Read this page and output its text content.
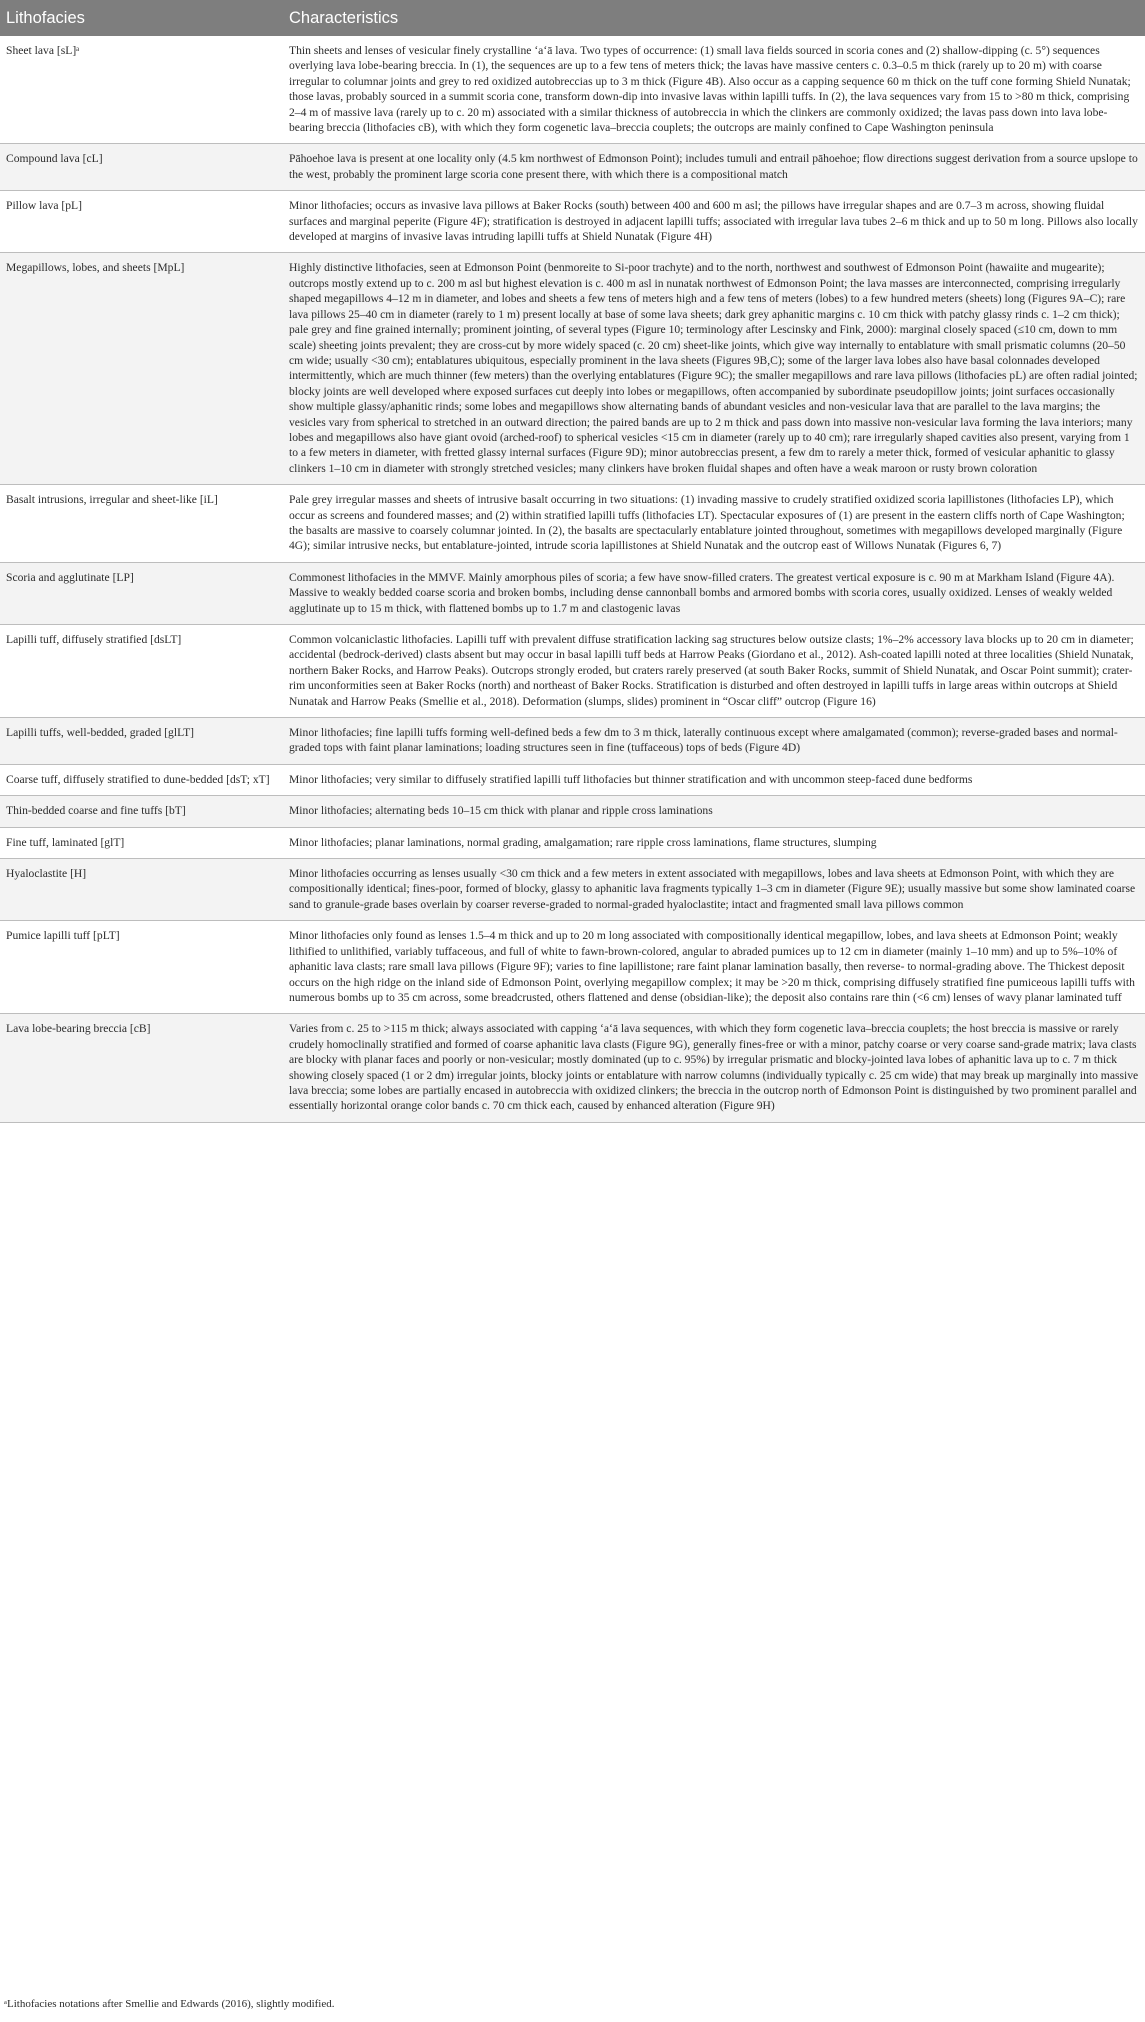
Lithofacies	Characteristics
Sheet lava [sL]ᵃ	Thin sheets and lenses of vesicular finely crystalline ʻaʻā lava. Two types of occurrence: (1) small lava fields sourced in scoria cones and (2) shallow-dipping (c. 5°) sequences overlying lava lobe-bearing breccia. In (1), the sequences are up to a few tens of meters thick; the lavas have massive centers c. 0.3–0.5 m thick (rarely up to 20 m) with coarse irregular to columnar joints and grey to red oxidized autobreccias up to 3 m thick (Figure 4B). Also occur as a capping sequence 60 m thick on the tuff cone forming Shield Nunatak; those lavas, probably sourced in a summit scoria cone, transform down-dip into invasive lavas within lapilli tuffs. In (2), the lava sequences vary from 15 to >80 m thick, comprising 2–4 m of massive lava (rarely up to c. 20 m) associated with a similar thickness of autobreccia in which the clinkers are commonly oxidized; the lavas pass down into lava lobe-bearing breccia (lithofacies cB), with which they form cogenetic lava–breccia couplets; the outcrops are mainly confined to Cape Washington peninsula
Compound lava [cL]	Pāhoehoe lava is present at one locality only (4.5 km northwest of Edmonson Point); includes tumuli and entrail pāhoehoe; flow directions suggest derivation from a source upslope to the west, probably the prominent large scoria cone present there, with which there is a compositional match
Pillow lava [pL]	Minor lithofacies; occurs as invasive lava pillows at Baker Rocks (south) between 400 and 600 m asl; the pillows have irregular shapes and are 0.7–3 m across, showing fluidal surfaces and marginal peperite (Figure 4F); stratification is destroyed in adjacent lapilli tuffs; associated with irregular lava tubes 2–6 m thick and up to 50 m long. Pillows also locally developed at margins of invasive lavas intruding lapilli tuffs at Shield Nunatak (Figure 4H)
Megapillows, lobes, and sheets [MpL]	Highly distinctive lithofacies, seen at Edmonson Point (benmoreite to Si-poor trachyte) and to the north, northwest and southwest of Edmonson Point (hawaiite and mugearite); outcrops mostly extend up to c. 200 m asl but highest elevation is c. 400 m asl in nunatak northwest of Edmonson Point; the lava masses are interconnected, comprising irregularly shaped megapillows 4–12 m in diameter, and lobes and sheets a few tens of meters high and a few tens of meters (lobes) to a few hundred meters (sheets) long (Figures 9A–C); rare lava pillows 25–40 cm in diameter (rarely to 1 m) present locally at base of some lava sheets; dark grey aphanitic margins c. 10 cm thick with patchy glassy rinds c. 1–2 cm thick); pale grey and fine grained internally; prominent jointing, of several types (Figure 10; terminology after Lescinsky and Fink, 2000): marginal closely spaced (≤10 cm, down to mm scale) sheeting joints prevalent; they are cross-cut by more widely spaced (c. 20 cm) sheet-like joints, which give way internally to entablature with small prismatic columns (20–50 cm wide; usually <30 cm); entablatures ubiquitous, especially prominent in the lava sheets (Figures 9B,C); some of the larger lava lobes also have basal colonnades developed intermittently, which are much thinner (few meters) than the overlying entablatures (Figure 9C); the smaller megapillows and rare lava pillows (lithofacies pL) are often radial jointed; blocky joints are well developed where exposed surfaces cut deeply into lobes or megapillows, often accompanied by subordinate pseudopillow joints; joint surfaces occasionally show multiple glassy/aphanitic rinds; some lobes and megapillows show alternating bands of abundant vesicles and non-vesicular lava that are parallel to the lava margins; the vesicles vary from spherical to stretched in an outward direction; the paired bands are up to 2 m thick and pass down into massive non-vesicular lava forming the lava interiors; many lobes and megapillows also have giant ovoid (arched-roof) to spherical vesicles <15 cm in diameter (rarely up to 40 cm); rare irregularly shaped cavities also present, varying from 1 to a few meters in diameter, with fretted glassy internal surfaces (Figure 9D); minor autobreccias present, a few dm to rarely a meter thick, formed of vesicular aphanitic to glassy clinkers 1–10 cm in diameter with strongly stretched vesicles; many clinkers have broken fluidal shapes and often have a weak maroon or rusty brown coloration
Basalt intrusions, irregular and sheet-like [iL]	Pale grey irregular masses and sheets of intrusive basalt occurring in two situations: (1) invading massive to crudely stratified oxidized scoria lapillistones (lithofacies LP), which occur as screens and foundered masses; and (2) within stratified lapilli tuffs (lithofacies LT). Spectacular exposures of (1) are present in the eastern cliffs north of Cape Washington; the basalts are massive to coarsely columnar jointed. In (2), the basalts are spectacularly entablature jointed throughout, sometimes with megapillows developed marginally (Figure 4G); similar intrusive necks, but entablature-jointed, intrude scoria lapillistones at Shield Nunatak and the outcrop east of Willows Nunatak (Figures 6, 7)
Scoria and agglutinate [LP]	Commonest lithofacies in the MMVF. Mainly amorphous piles of scoria; a few have snow-filled craters. The greatest vertical exposure is c. 90 m at Markham Island (Figure 4A). Massive to weakly bedded coarse scoria and broken bombs, including dense cannonball bombs and armored bombs with scoria cores, usually oxidized. Lenses of weakly welded agglutinate up to 15 m thick, with flattened bombs up to 1.7 m and clastogenic lavas
Lapilli tuff, diffusely stratified [dsLT]	Common volcaniclastic lithofacies. Lapilli tuff with prevalent diffuse stratification lacking sag structures below outsize clasts; 1%–2% accessory lava blocks up to 20 cm in diameter; accidental (bedrock-derived) clasts absent but may occur in basal lapilli tuff beds at Harrow Peaks (Giordano et al., 2012). Ash-coated lapilli noted at three localities (Shield Nunatak, northern Baker Rocks, and Harrow Peaks). Outcrops strongly eroded, but craters rarely preserved (at south Baker Rocks, summit of Shield Nunatak, and Oscar Point summit); crater-rim unconformities seen at Baker Rocks (north) and northeast of Baker Rocks. Stratification is disturbed and often destroyed in lapilli tuffs in large areas within outcrops at Shield Nunatak and Harrow Peaks (Smellie et al., 2018). Deformation (slumps, slides) prominent in “Oscar cliff” outcrop (Figure 16)
Lapilli tuffs, well-bedded, graded [glLT]	Minor lithofacies; fine lapilli tuffs forming well-defined beds a few dm to 3 m thick, laterally continuous except where amalgamated (common); reverse-graded bases and normal-graded tops with faint planar laminations; loading structures seen in fine (tuffaceous) tops of beds (Figure 4D)
Coarse tuff, diffusely stratified to dune-bedded [dsT; xT]	Minor lithofacies; very similar to diffusely stratified lapilli tuff lithofacies but thinner stratification and with uncommon steep-faced dune bedforms
Thin-bedded coarse and fine tuffs [bT]	Minor lithofacies; alternating beds 10–15 cm thick with planar and ripple cross laminations
Fine tuff, laminated [glT]	Minor lithofacies; planar laminations, normal grading, amalgamation; rare ripple cross laminations, flame structures, slumping
Hyaloclastite [H]	Minor lithofacies occurring as lenses usually <30 cm thick and a few meters in extent associated with megapillows, lobes and lava sheets at Edmonson Point, with which they are compositionally identical; fines-poor, formed of blocky, glassy to aphanitic lava fragments typically 1–3 cm in diameter (Figure 9E); usually massive but some show laminated coarse sand to granule-grade bases overlain by coarser reverse-graded to normal-graded hyaloclastite; intact and fragmented small lava pillows common
Pumice lapilli tuff [pLT]	Minor lithofacies only found as lenses 1.5–4 m thick and up to 20 m long associated with compositionally identical megapillow, lobes, and lava sheets at Edmonson Point; weakly lithified to unlithified, variably tuffaceous, and full of white to fawn-brown-colored, angular to abraded pumices up to 12 cm in diameter (mainly 1–10 mm) and up to 5%–10% of aphanitic lava clasts; rare small lava pillows (Figure 9F); varies to fine lapillistone; rare faint planar lamination basally, then reverse- to normal-grading above. The Thickest deposit occurs on the high ridge on the inland side of Edmonson Point, overlying megapillow complex; it may be >20 m thick, comprising diffusely stratified fine pumiceous lapilli tuffs with numerous bombs up to 35 cm across, some breadcrusted, others flattened and dense (obsidian-like); the deposit also contains rare thin (<6 cm) lenses of wavy planar laminated tuff
Lava lobe-bearing breccia [cB]	Varies from c. 25 to >115 m thick; always associated with capping ʻaʻā lava sequences, with which they form cogenetic lava–breccia couplets; the host breccia is massive or rarely crudely homoclinally stratified and formed of coarse aphanitic lava clasts (Figure 9G), generally fines-free or with a minor, patchy coarse or very coarse sand-grade matrix; lava clasts are blocky with planar faces and poorly or non-vesicular; mostly dominated (up to c. 95%) by irregular prismatic and blocky-jointed lava lobes of aphanitic lava up to c. 7 m thick showing closely spaced (1 or 2 dm) irregular joints, blocky joints or entablature with narrow columns (individually typically c. 25 cm wide) that may break up marginally into massive lava breccia; some lobes are partially encased in autobreccia with oxidized clinkers; the breccia in the outcrop north of Edmonson Point is distinguished by two prominent parallel and essentially horizontal orange color bands c. 70 cm thick each, caused by enhanced alteration (Figure 9H)
ᵃLithofacies notations after Smellie and Edwards (2016), slightly modified.
